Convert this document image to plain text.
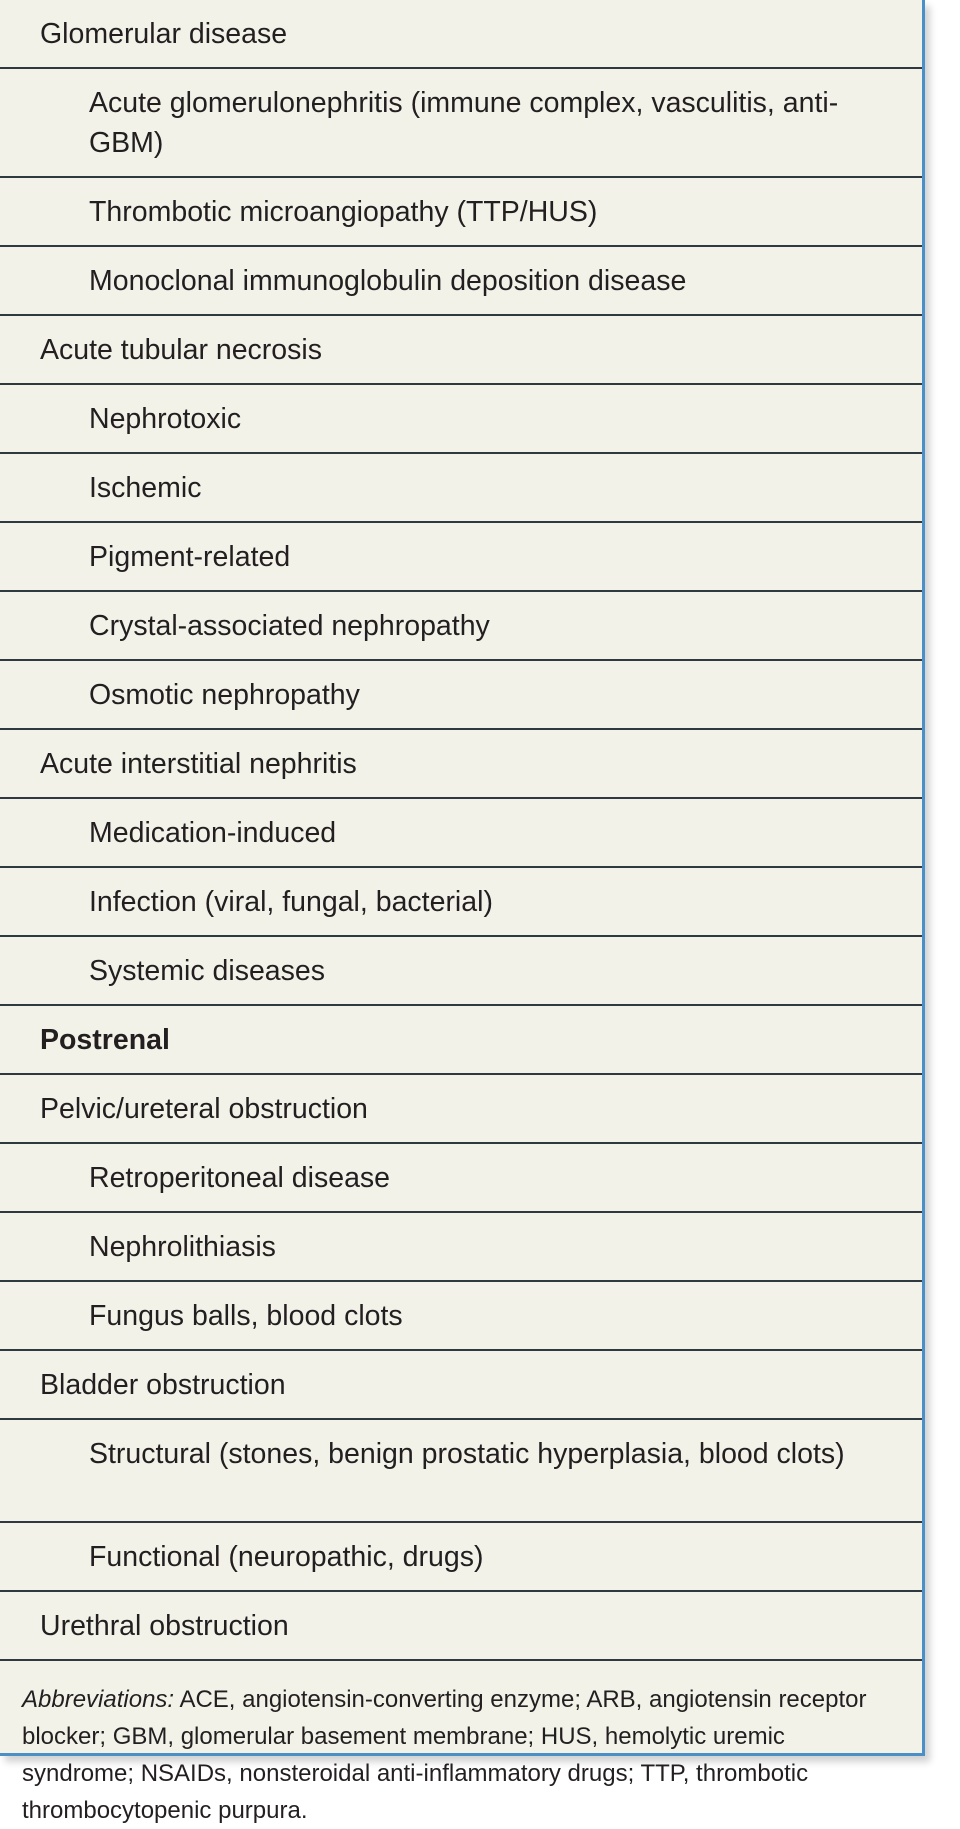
Glomerular disease
Acute glomerulonephritis (immune complex, vasculitis, anti-GBM)
Thrombotic microangiopathy (TTP/HUS)
Monoclonal immunoglobulin deposition disease
Acute tubular necrosis
Nephrotoxic
Ischemic
Pigment-related
Crystal-associated nephropathy
Osmotic nephropathy
Acute interstitial nephritis
Medication-induced
Infection (viral, fungal, bacterial)
Systemic diseases
Postrenal
Pelvic/ureteral obstruction
Retroperitoneal disease
Nephrolithiasis
Fungus balls, blood clots
Bladder obstruction
Structural (stones, benign prostatic hyperplasia, blood clots)
Functional (neuropathic, drugs)
Urethral obstruction
Abbreviations: ACE, angiotensin-converting enzyme; ARB, angiotensin receptor blocker; GBM, glomerular basement membrane; HUS, hemolytic uremic syndrome; NSAIDs, nonsteroidal anti-inflammatory drugs; TTP, thrombotic thrombocytopenic purpura.
